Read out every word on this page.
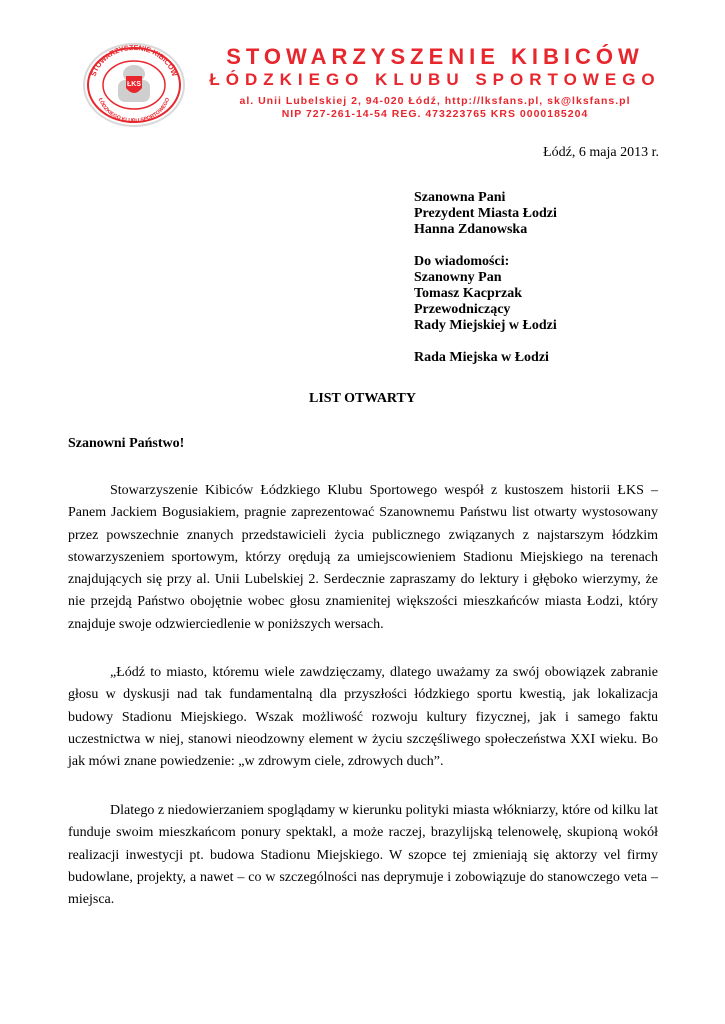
STOWARZYSZENIE KIBICÓW
ŁÓDZKIEGO KLUBU SPORTOWEGO
ŁKS
STOWARZYSZENIE KIBICÓW
ŁÓDZKIEGO KLUBU SPORTOWEGO
al. Unii Lubelskiej 2, 94-020 Łódź, http://lksfans.pl, sk@lksfans.pl
NIP 727-261-14-54 REG. 473223765 KRS 0000185204
Łódź, 6 maja 2013 r.
Szanowna Pani
Prezydent Miasta Łodzi
Hanna Zdanowska
Do wiadomości:
Szanowny Pan
Tomasz Kacprzak
Przewodniczący
Rady Miejskiej w Łodzi
Rada Miejska w Łodzi
LIST OTWARTY
Szanowni Państwo!

Stowarzyszenie Kibiców Łódzkiego Klubu Sportowego wespół z kustoszem historii ŁKS – Panem Jackiem Bogusiakiem, pragnie zaprezentować Szanownemu Państwu list otwarty wystosowany przez powszechnie znanych przedstawicieli życia publicznego związanych z najstarszym łódzkim stowarzyszeniem sportowym, którzy orędują za umiejscowieniem Stadionu Miejskiego na terenach znajdujących się przy al. Unii Lubelskiej 2. Serdecznie zapraszamy do lektury i głęboko wierzymy, że nie przejdą Państwo obojętnie wobec głosu znamienitej większości mieszkańców miasta Łodzi, który znajduje swoje odzwierciedlenie w poniższych wersach.

„Łódź to miasto, któremu wiele zawdzięczamy, dlatego uważamy za swój obowiązek zabranie głosu w dyskusji nad tak fundamentalną dla przyszłości łódzkiego sportu kwestią, jak lokalizacja budowy Stadionu Miejskiego. Wszak możliwość rozwoju kultury fizycznej, jak i samego faktu uczestnictwa w niej, stanowi nieodzowny element w życiu szczęśliwego społeczeństwa XXI wieku. Bo jak mówi znane powiedzenie: „w zdrowym ciele, zdrowych duch”.

Dlatego z niedowierzaniem spoglądamy w kierunku polityki miasta włókniarzy, które od kilku lat funduje swoim mieszkańcom ponury spektakl, a może raczej, brazylijską telenowelę, skupioną wokół realizacji inwestycji pt. budowa Stadionu Miejskiego. W szopce tej zmieniają się aktorzy vel firmy budowlane, projekty, a nawet – co w szczególności nas deprymuje i zobowiązuje do stanowczego veta – miejsca.
